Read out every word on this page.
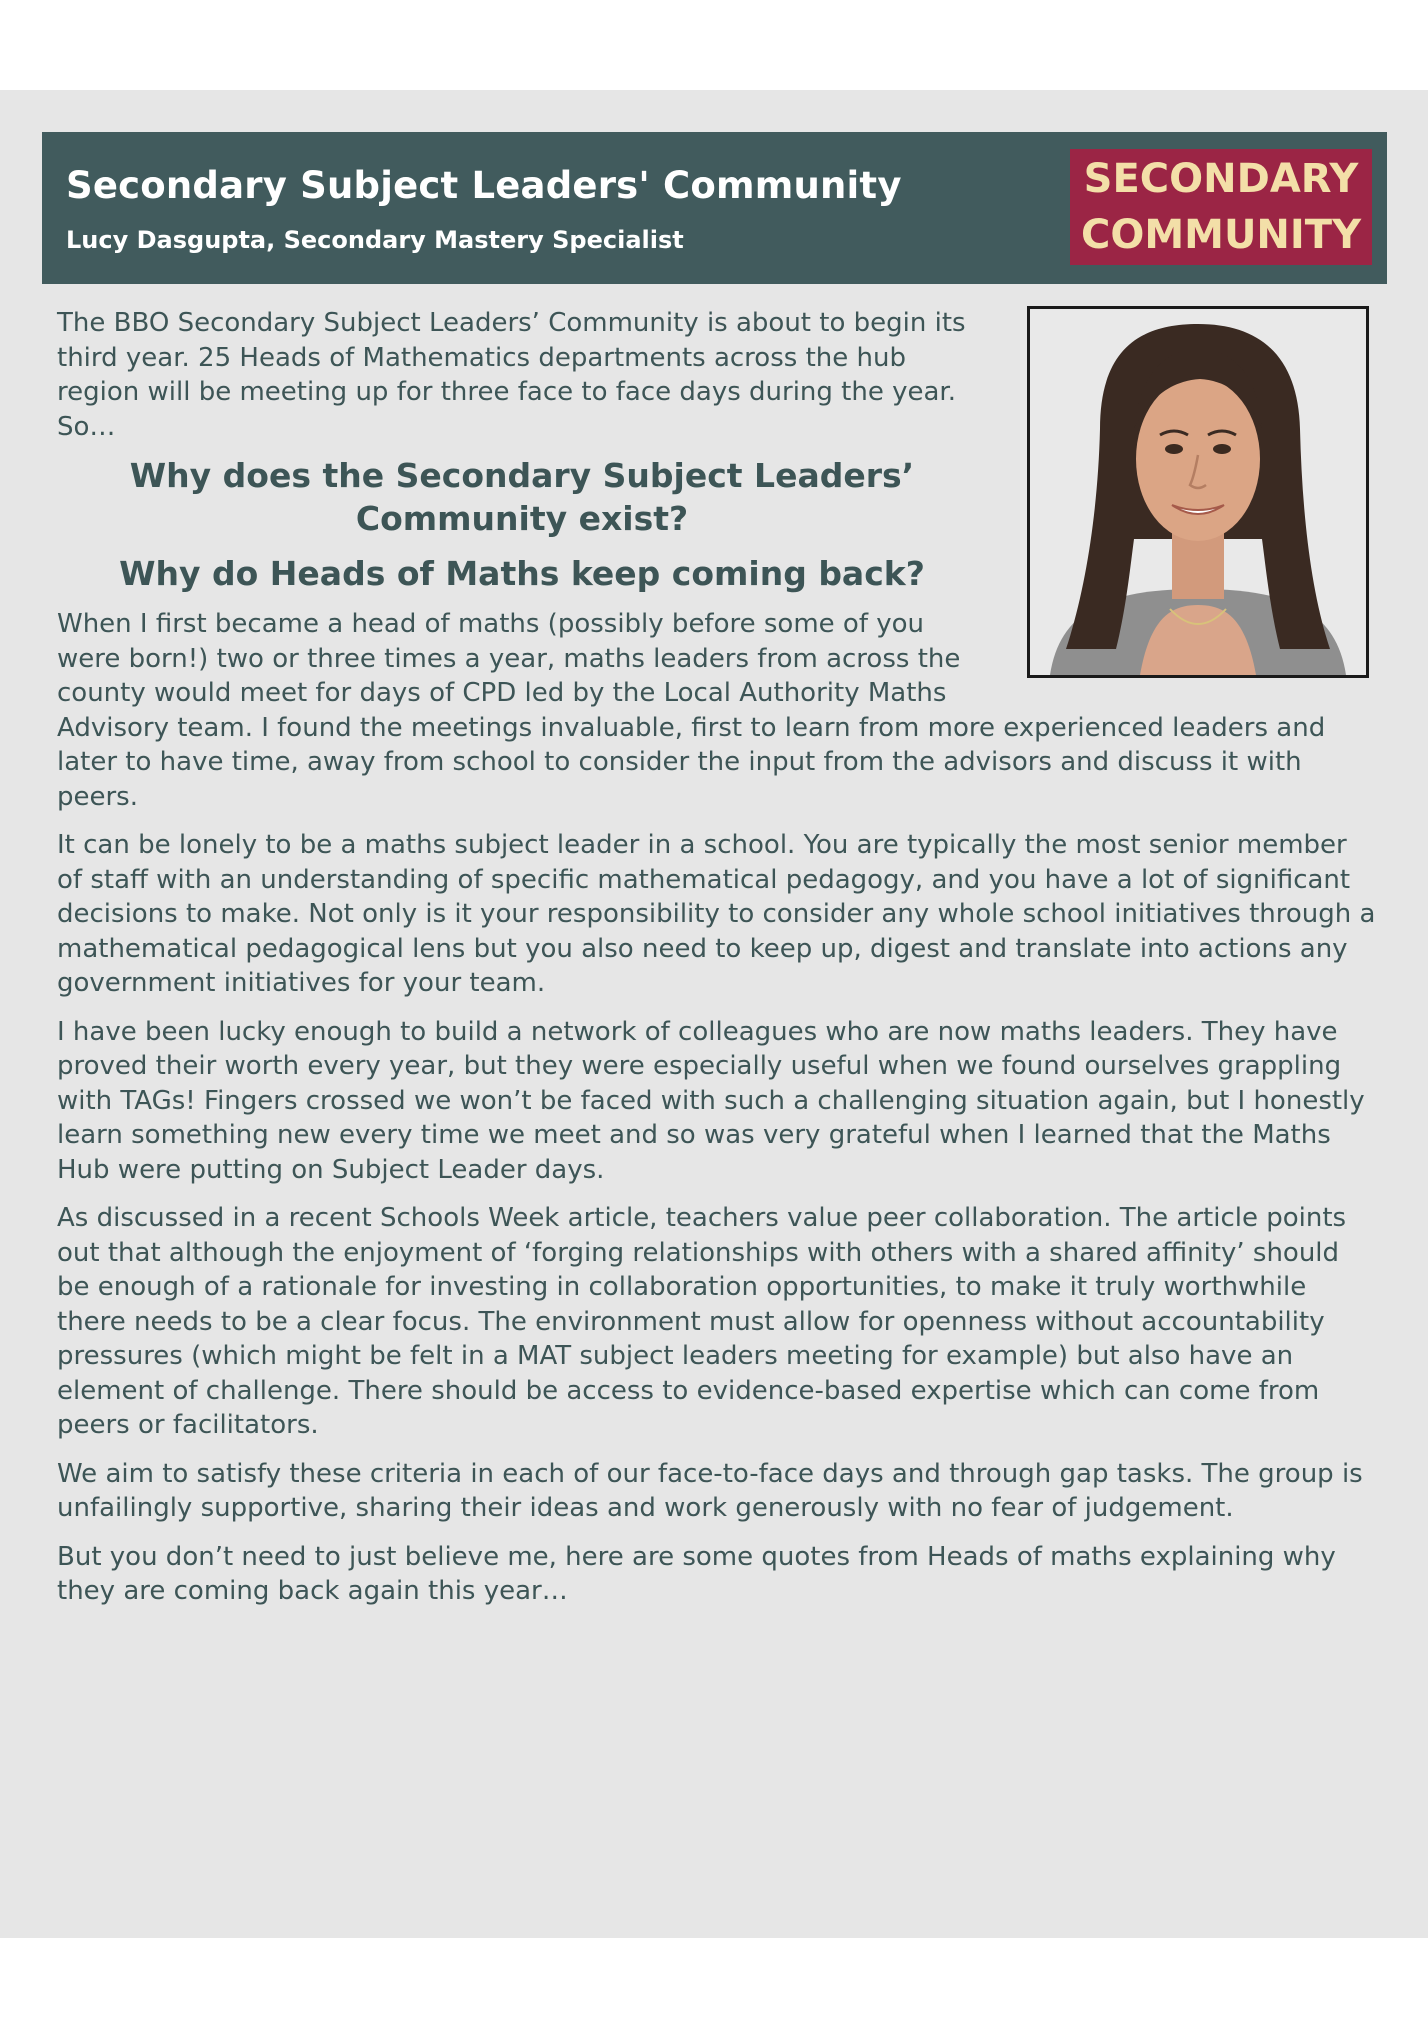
Secondary Subject Leaders' Community
Lucy Dasgupta, Secondary Mastery Specialist
SECONDARY
COMMUNITY

The BBO Secondary Subject Leaders’ Community is about to begin its third year. 25 Heads of Mathematics departments across the hub region will be meeting up for three face to face days during the year. So…

Why does the Secondary Subject Leaders’ Community exist?
Why do Heads of Maths keep coming back?

When I first became a head of maths (possibly before some of you were born!) two or three times a year, maths leaders from across the county would meet for days of CPD led by the Local Authority Maths Advisory team. I found the meetings invaluable, first to learn from more experienced leaders and later to have time, away from school to consider the input from the advisors and discuss it with peers.

It can be lonely to be a maths subject leader in a school. You are typically the most senior member of staff with an understanding of specific mathematical pedagogy, and you have a lot of significant decisions to make. Not only is it your responsibility to consider any whole school initiatives through a mathematical pedagogical lens but you also need to keep up, digest and translate into actions any government initiatives for your team.

I have been lucky enough to build a network of colleagues who are now maths leaders. They have proved their worth every year, but they were especially useful when we found ourselves grappling with TAGs! Fingers crossed we won’t be faced with such a challenging situation again, but I honestly learn something new every time we meet and so was very grateful when I learned that the Maths Hub were putting on Subject Leader days.

As discussed in a recent Schools Week article, teachers value peer collaboration. The article points out that although the enjoyment of ‘forging relationships with others with a shared affinity’ should be enough of a rationale for investing in collaboration opportunities, to make it truly worthwhile there needs to be a clear focus. The environment must allow for openness without accountability pressures (which might be felt in a MAT subject leaders meeting for example) but also have an element of challenge. There should be access to evidence-based expertise which can come from peers or facilitators.

We aim to satisfy these criteria in each of our face-to-face days and through gap tasks. The group is unfailingly supportive, sharing their ideas and work generously with no fear of judgement.

But you don’t need to just believe me, here are some quotes from Heads of maths explaining why they are coming back again this year…
